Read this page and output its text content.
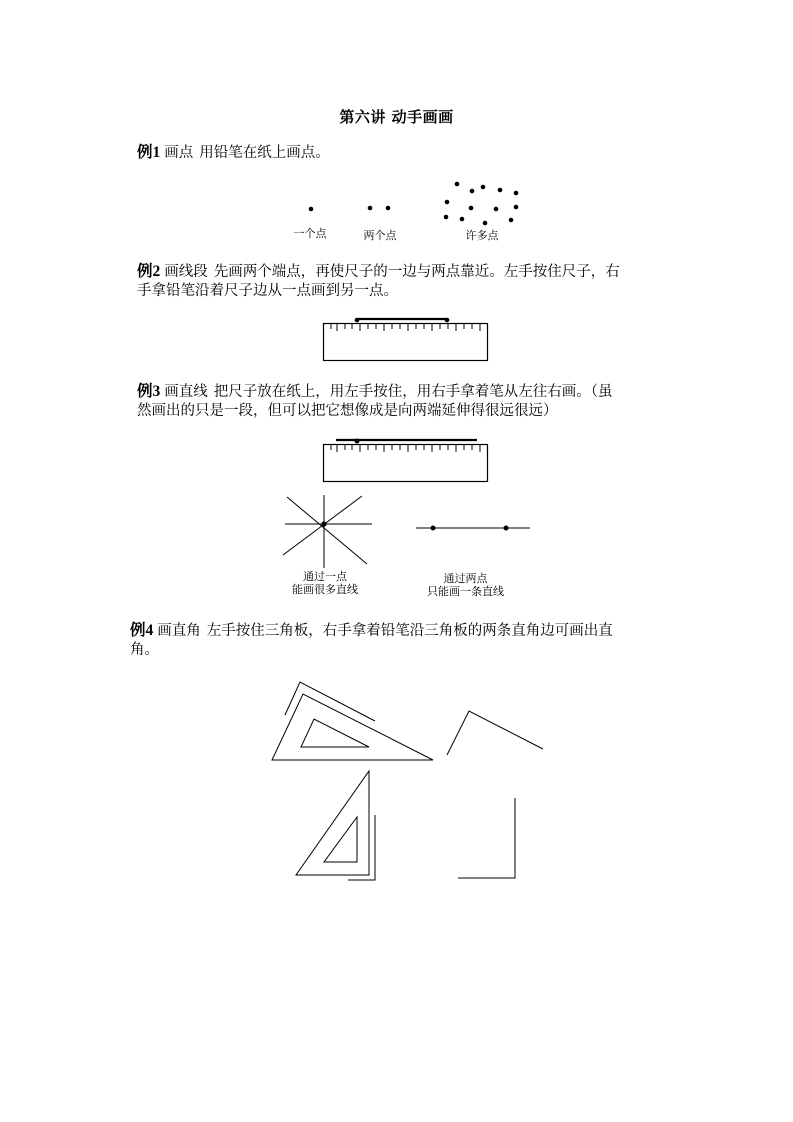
第六讲 动手画画
例1 画点 用铅笔在纸上画点。
一个点	两个点	许多点
例2 画线段 先画两个端点，再使尺子的一边与两点靠近。左手按住尺子，右
手拿铅笔沿着尺子边从一点画到另一点。
例3 画直线 把尺子放在纸上，用左手按住，用右手拿着笔从左往右画。（虽
然画出的只是一段，但可以把它想像成是向两端延伸得很远很远）
通过一点
能画很多直线
通过两点
只能画一条直线
例4 画直角 左手按住三角板，右手拿着铅笔沿三角板的两条直角边可画出直
角。
